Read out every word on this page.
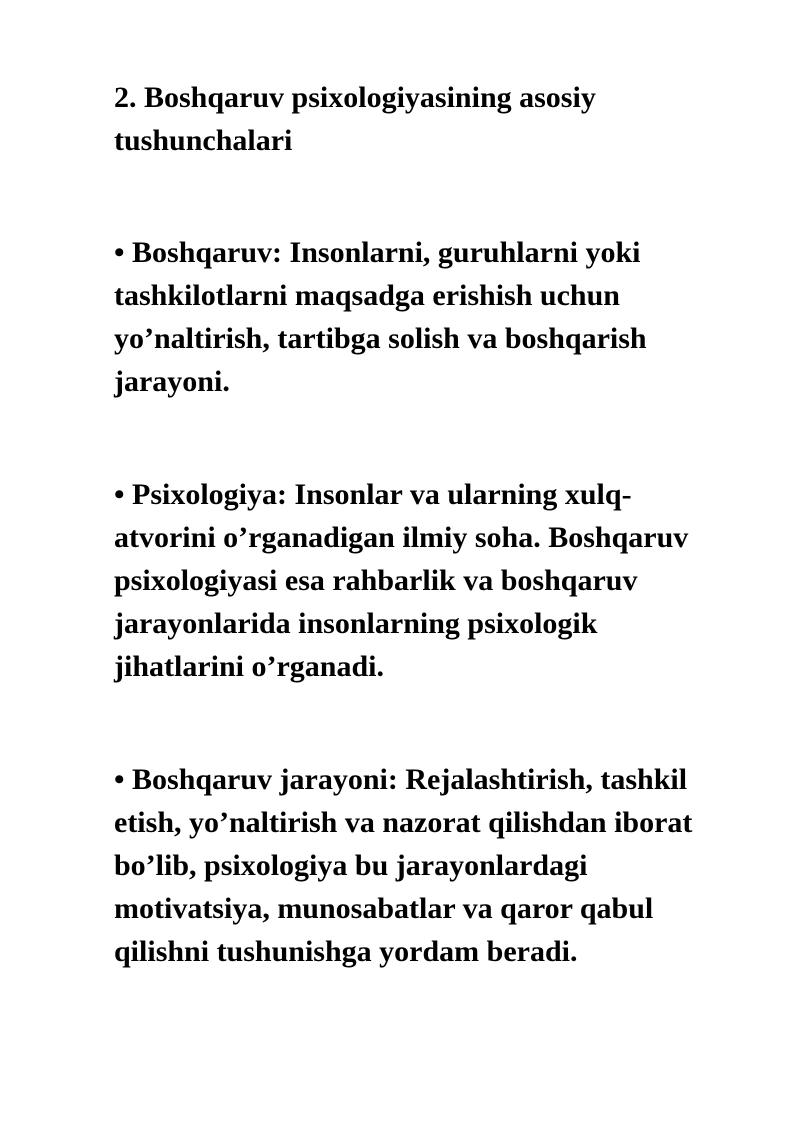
2. Boshqaruv psixologiyasining asosiy
tushunchalari

• Boshqaruv: Insonlarni, guruhlarni yoki
tashkilotlarni maqsadga erishish uchun
yo’naltirish, tartibga solish va boshqarish
jarayoni.

• Psixologiya: Insonlar va ularning xulq-
atvorini o’rganadigan ilmiy soha. Boshqaruv
psixologiyasi esa rahbarlik va boshqaruv
jarayonlarida insonlarning psixologik
jihatlarini o’rganadi.

• Boshqaruv jarayoni: Rejalashtirish, tashkil
etish, yo’naltirish va nazorat qilishdan iborat
bo’lib, psixologiya bu jarayonlardagi
motivatsiya, munosabatlar va qaror qabul
qilishni tushunishga yordam beradi.
